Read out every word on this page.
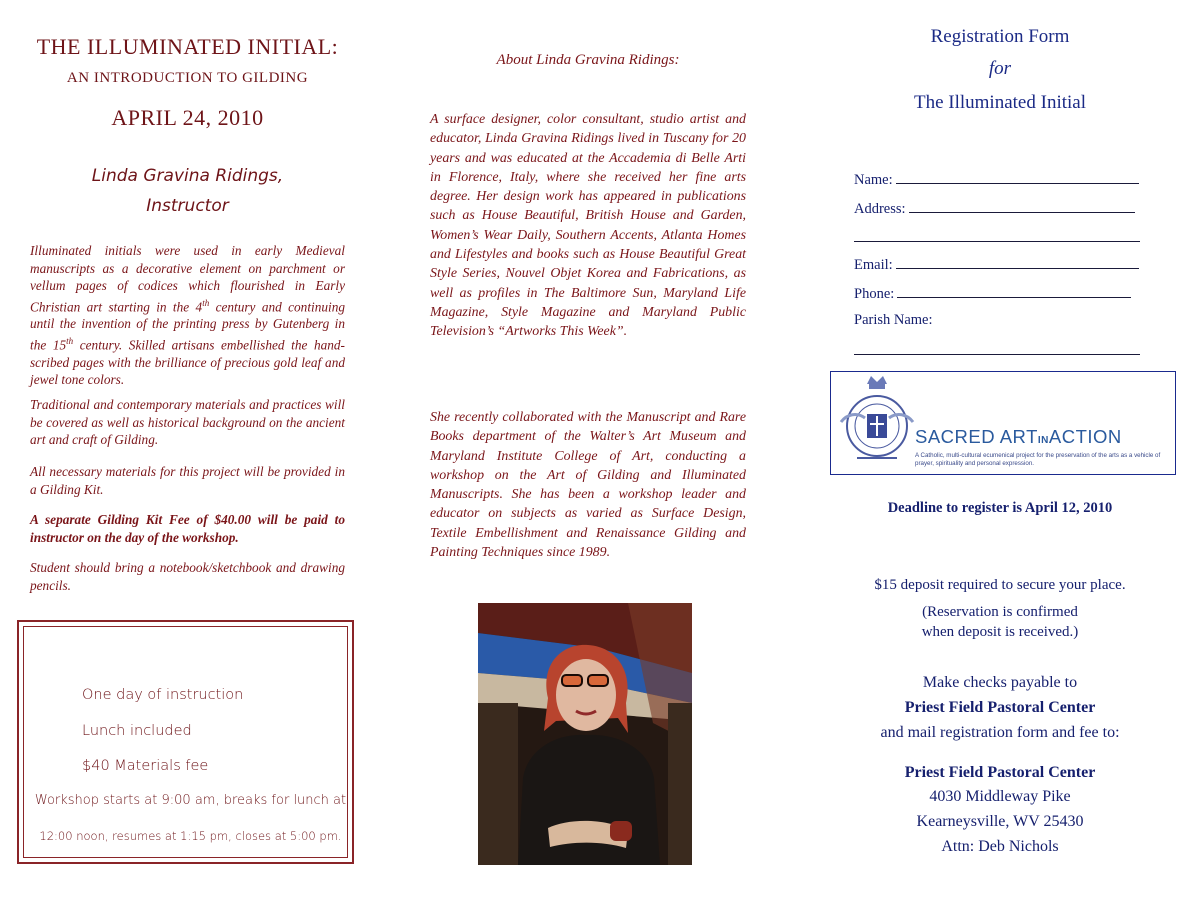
THE ILLUMINATED INITIAL:
AN INTRODUCTION TO GILDING
APRIL 24, 2010
Linda Gravina Ridings,
Instructor
Illuminated initials were used in early Medieval manuscripts as a decorative element on parchment or vellum pages of codices which flourished in Early Christian art starting in the 4th century and continuing until the invention of the printing press by Gutenberg in the 15th century. Skilled artisans embellished the hand-scribed pages with the brilliance of precious gold leaf and jewel tone colors.
Traditional and contemporary materials and practices will be covered as well as historical background on the ancient art and craft of Gilding.
All necessary materials for this project will be provided in a Gilding Kit.
A separate Gilding Kit Fee of $40.00 will be paid to instructor on the day of the workshop.
Student should bring a notebook/sketchbook and drawing pencils.
One day of instruction
Lunch included
$40 Materials fee
Workshop starts at 9:00 am, breaks for lunch at
12:00 noon, resumes at 1:15 pm, closes at 5:00 pm.
About Linda Gravina Ridings:
A surface designer, color consultant, studio artist and educator, Linda Gravina Ridings lived in Tuscany for 20 years and was educated at the Accademia di Belle Arti in Florence, Italy, where she received her fine arts degree. Her design work has appeared in publications such as House Beautiful, British House and Garden, Women’s Wear Daily, Southern Accents, Atlanta Homes and Lifestyles and books such as House Beautiful Great Style Series, Nouvel Objet Korea and Fabrications, as well as profiles in The Baltimore Sun, Maryland Life Magazine, Style Magazine and Maryland Public Television’s “Artworks This Week”.
She recently collaborated with the Manuscript and Rare Books department of the Walter’s Art Museum and Maryland Institute College of Art, conducting a workshop on the Art of Gilding and Illuminated Manuscripts. She has been a workshop leader and educator on subjects as varied as Surface Design, Textile Embellishment and Renaissance Gilding and Painting Techniques since 1989.
Registration Form
for
The Illuminated Initial
Name:
Address:
Email:
Phone:
Parish Name:
SACRED ARTINACTION
A Catholic, multi-cultural ecumenical project for the preservation of the arts as a vehicle of prayer, spirituality and personal expression.
Deadline to register is April 12, 2010
$15 deposit required to secure your place.
(Reservation is confirmed
when deposit is received.)
Make checks payable to
Priest Field Pastoral Center
and mail registration form and fee to:
Priest Field Pastoral Center
4030 Middleway Pike
Kearneysville, WV 25430
Attn: Deb Nichols
